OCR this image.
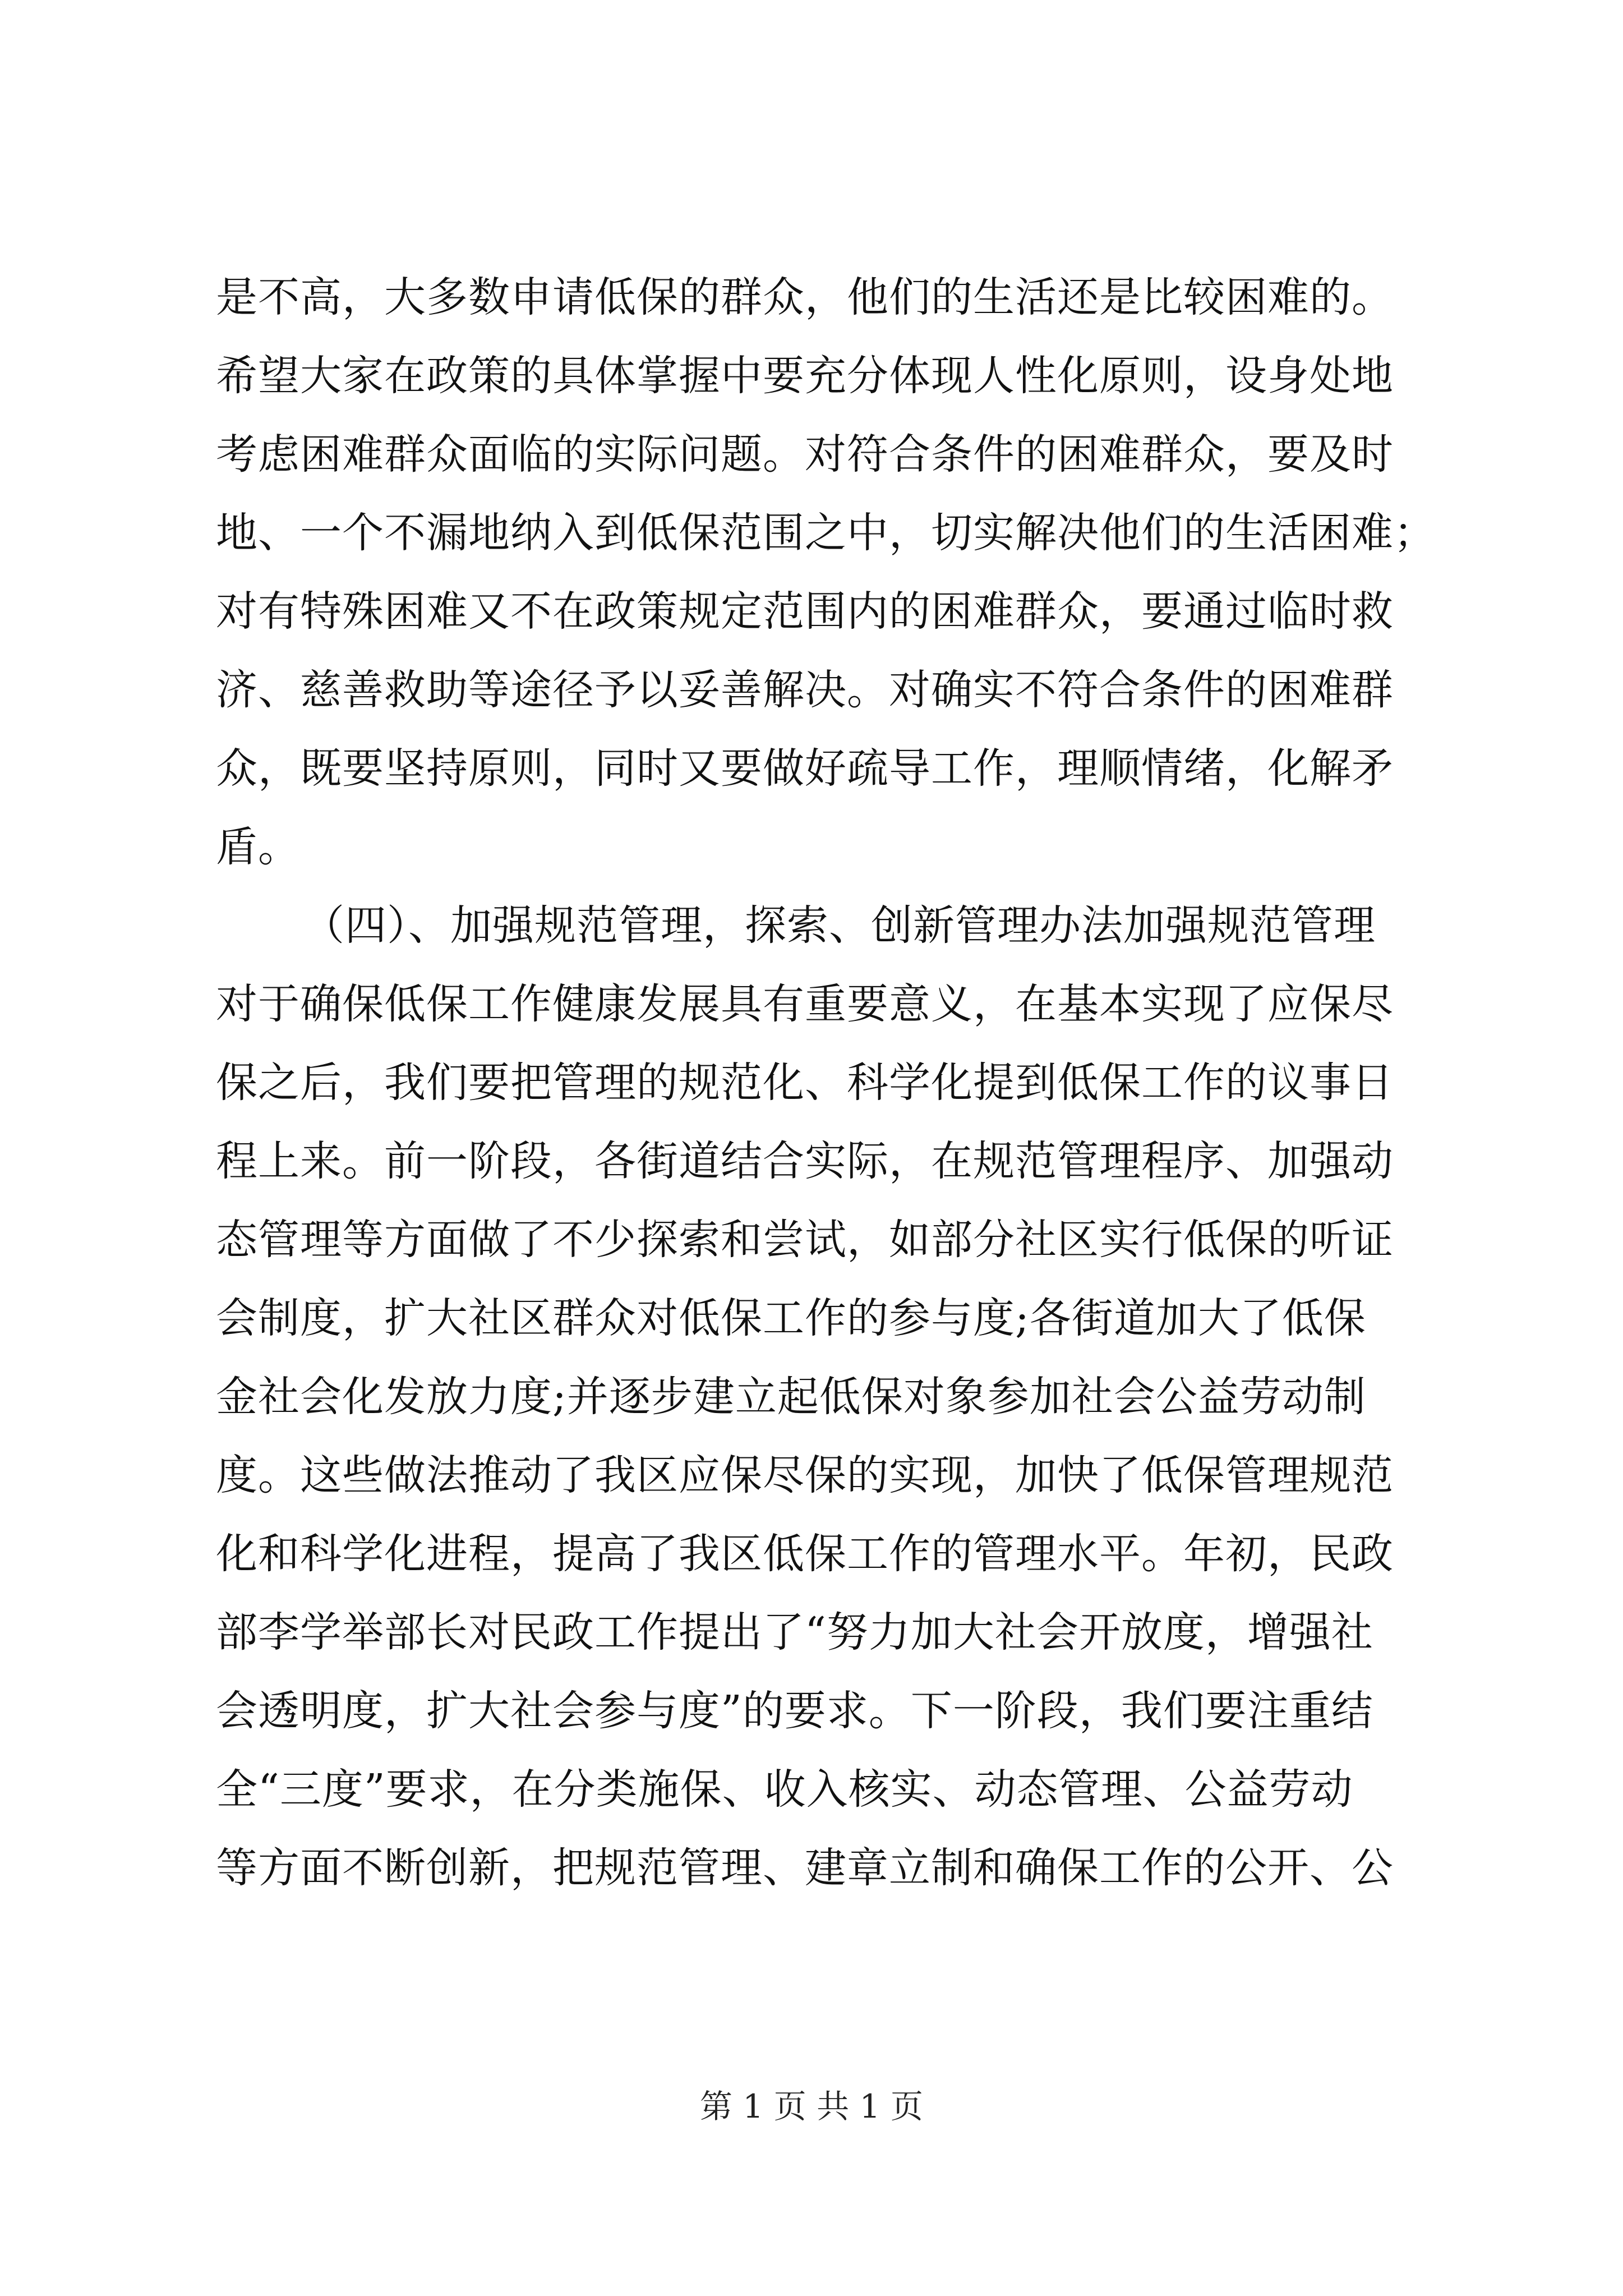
是不高，大多数申请低保的群众，他们的生活还是比较困难的。
希望大家在政策的具体掌握中要充分体现人性化原则，设身处地
考虑困难群众面临的实际问题。对符合条件的困难群众，要及时
地、一个不漏地纳入到低保范围之中，切实解决他们的生活困难；
对有特殊困难又不在政策规定范围内的困难群众，要通过临时救
济、慈善救助等途径予以妥善解决。对确实不符合条件的困难群
众，既要坚持原则，同时又要做好疏导工作，理顺情绪，化解矛
盾。
（四）、加强规范管理，探索、创新管理办法加强规范管理
对于确保低保工作健康发展具有重要意义，在基本实现了应保尽
保之后，我们要把管理的规范化、科学化提到低保工作的议事日
程上来。前一阶段，各街道结合实际，在规范管理程序、加强动
态管理等方面做了不少探索和尝试，如部分社区实行低保的听证
会制度，扩大社区群众对低保工作的参与度;各街道加大了低保
金社会化发放力度;并逐步建立起低保对象参加社会公益劳动制
度。这些做法推动了我区应保尽保的实现，加快了低保管理规范
化和科学化进程，提高了我区低保工作的管理水平。年初，民政
部李学举部长对民政工作提出了“努力加大社会开放度，增强社
会透明度，扩大社会参与度”的要求。下一阶段，我们要注重结
全“三度”要求，在分类施保、收入核实、动态管理、公益劳动
等方面不断创新，把规范管理、建章立制和确保工作的公开、公
第 1 页 共 1 页
